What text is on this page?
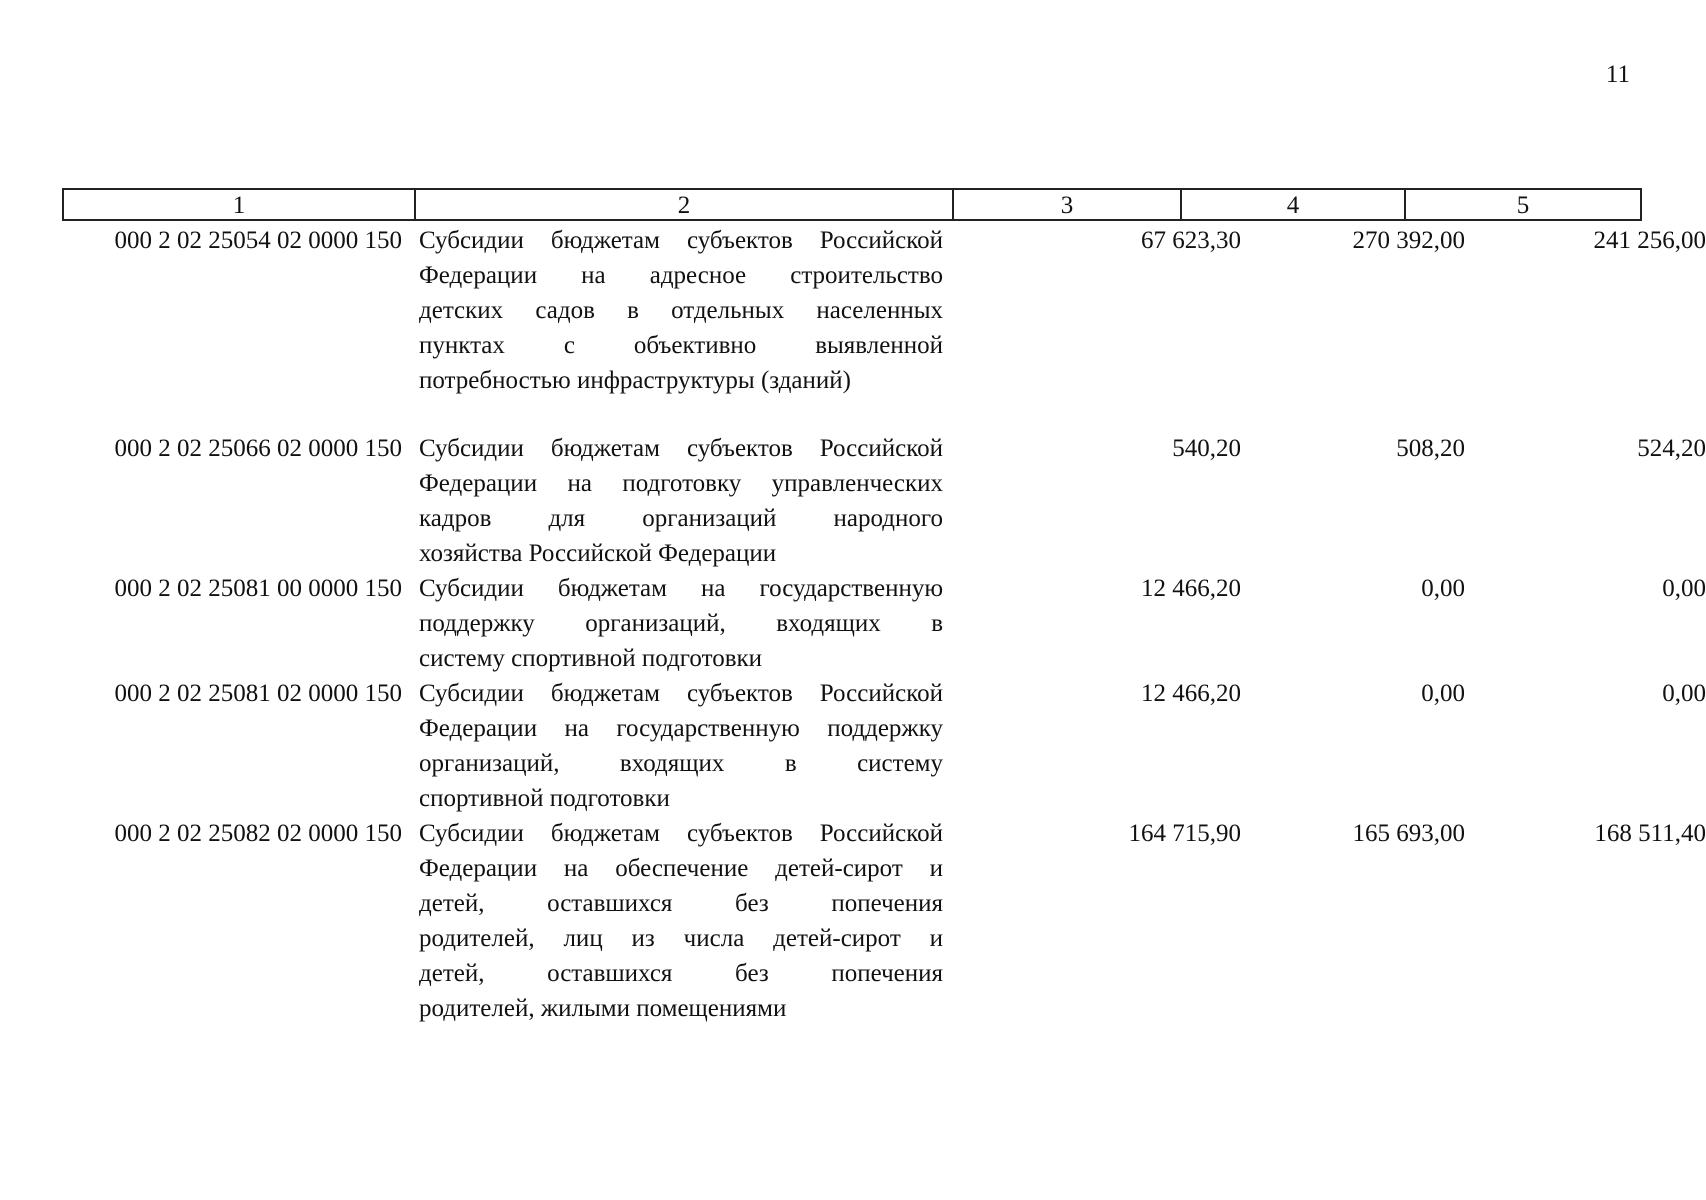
11
1	2	3	4	5
000 2 02 25054 02 0000 150 Субсидии бюджетам субъектов Российской
Федерации на адресное строительство
детских садов в отдельных населенных
пунктах с объективно выявленной
потребностью инфраструктуры (зданий)
67 623,30	270 392,00	241 256,00
000 2 02 25066 02 0000 150 Субсидии бюджетам субъектов Российской
Федерации на подготовку управленческих
кадров для организаций народного
хозяйства Российской Федерации
540,20	508,20	524,20
000 2 02 25081 00 0000 150 Субсидии бюджетам на государственную
поддержку организаций, входящих в
систему спортивной подготовки
12 466,20	0,00	0,00
000 2 02 25081 02 0000 150 Субсидии бюджетам субъектов Российской
Федерации на государственную поддержку
организаций, входящих в систему
спортивной подготовки
12 466,20	0,00	0,00
000 2 02 25082 02 0000 150 Субсидии бюджетам субъектов Российской
Федерации на обеспечение детей-сирот и
детей, оставшихся без попечения
родителей, лиц из числа детей-сирот и
детей, оставшихся без попечения
родителей, жилыми помещениями
164 715,90	165 693,00	168 511,40
